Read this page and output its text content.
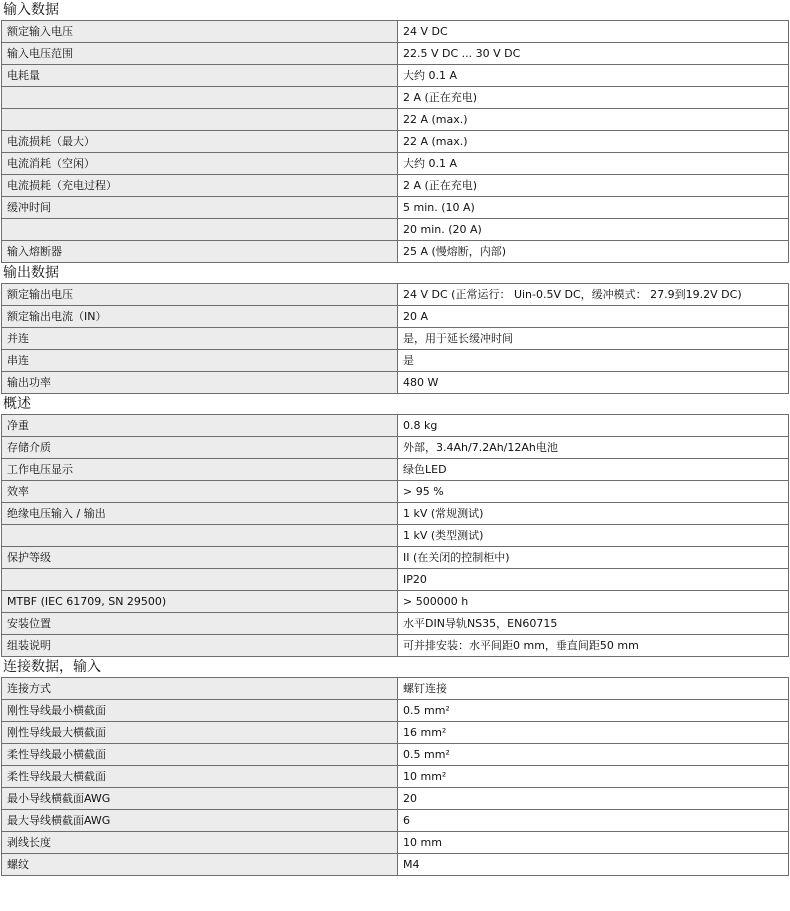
输入数据
额定输入电压	24 V DC
输入电压范围	22.5 V DC ... 30 V DC
电耗量	大约 0.1 A
	2 A (正在充电)
	22 A (max.)
电流损耗（最大）	22 A (max.)
电流消耗（空闲）	大约 0.1 A
电流损耗（充电过程）	2 A (正在充电)
缓冲时间	5 min. (10 A)
	20 min. (20 A)
输入熔断器	25 A (慢熔断，内部)
输出数据
额定输出电压	24 V DC (正常运行： Uin-0.5V DC，缓冲模式： 27.9到19.2V DC)
额定输出电流（IN）	20 A
并连	是，用于延长缓冲时间
串连	是
输出功率	480 W
概述
净重	0.8 kg
存储介质	外部，3.4Ah/7.2Ah/12Ah电池
工作电压显示	绿色LED
效率	> 95 %
绝缘电压输入 / 输出	1 kV (常规测试)
	1 kV (类型测试)
保护等级	II (在关闭的控制柜中)
	IP20
MTBF (IEC 61709, SN 29500)	> 500000 h
安装位置	水平DIN导轨NS35，EN60715
组装说明	可并排安装：水平间距0 mm，垂直间距50 mm
连接数据，输入
连接方式	螺钉连接
刚性导线最小横截面	0.5 mm²
刚性导线最大横截面	16 mm²
柔性导线最小横截面	0.5 mm²
柔性导线最大横截面	10 mm²
最小导线横截面AWG	20
最大导线横截面AWG	6
剥线长度	10 mm
螺纹	M4
